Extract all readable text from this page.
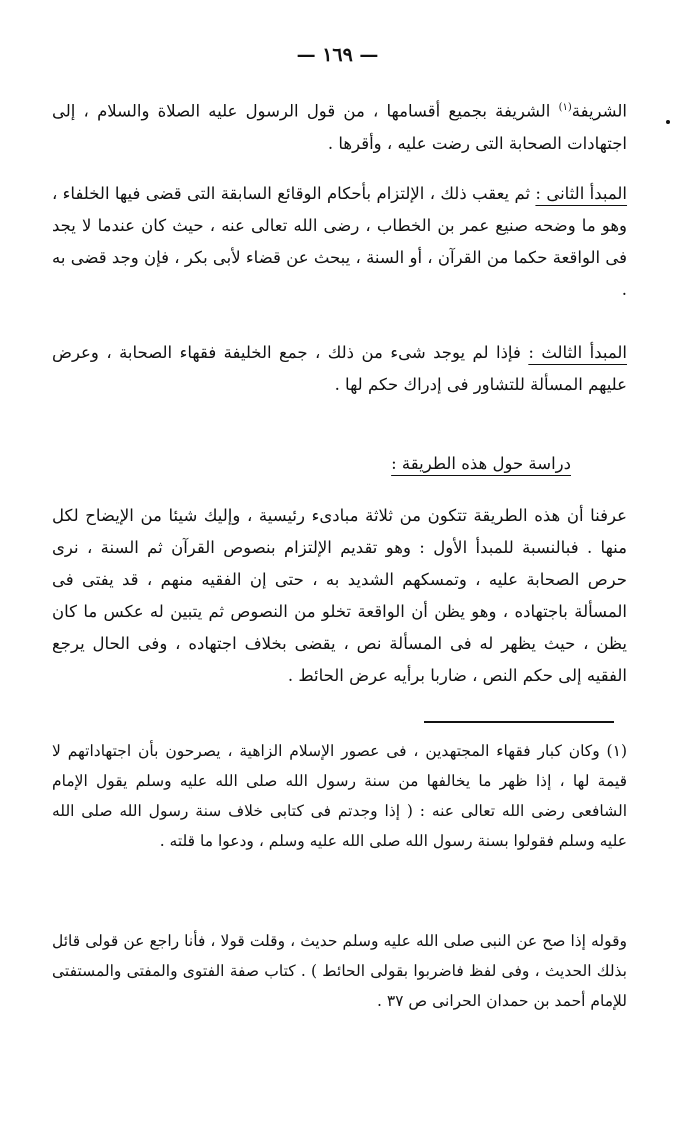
— ١٦٩ —

الشريفة$^{(١)}$ الشريفة بجميع أقسامها ، من قول الرسول عليه الصلاة والسلام ، إلى اجتهادات الصحابة التى رضت عليه ، وأقرها .

المبدأ الثانى : ثم يعقب ذلك ، الإلتزام بأحكام الوقائع السابقة التى قضى فيها الخلفاء ، وهو ما وضحه صنيع عمر بن الخطاب ، رضى الله تعالى عنه ، حيث كان عندما لا يجد فى الواقعة حكما من القرآن ، أو السنة ، يبحث عن قضاء لأبى بكر ، فإن وجد قضى به .

المبدأ الثالث : فإذا لم يوجد شىء من ذلك ، جمع الخليفة فقهاء الصحابة ، وعرض عليهم المسألة للتشاور فى إدراك حكم لها .

دراسة حول هذه الطريقة :

عرفنا أن هذه الطريقة تتكون من ثلاثة مبادىء رئيسية ، وإليك شيئا من الإيضاح لكل منها . فبالنسبة للمبدأ الأول : وهو تقديم الإلتزام بنصوص القرآن ثم السنة ، نرى حرص الصحابة عليه ، وتمسكهم الشديد به ، حتى إن الفقيه منهم ، قد يفتى فى المسألة باجتهاده ، وهو يظن أن الواقعة تخلو من النصوص ثم يتبين له عكس ما كان يظن ، حيث يظهر له فى المسألة نص ، يقضى بخلاف اجتهاده ، وفى الحال يرجع الفقيه إلى حكم النص ، ضاربا برأيه عرض الحائط .

(١) وكان كبار فقهاء المجتهدين ، فى عصور الإسلام الزاهية ، يصرحون بأن اجتهاداتهم لا قيمة لها ، إذا ظهر ما يخالفها من سنة رسول الله صلى الله عليه وسلم يقول الإمام الشافعى رضى الله تعالى عنه : ( إذا وجدتم فى كتابى خلاف سنة رسول الله صلى الله عليه وسلم فقولوا بسنة رسول الله صلى الله عليه وسلم ، ودعوا ما قلته .

وقوله إذا صح عن النبى صلى الله عليه وسلم حديث ، وقلت قولا ، فأنا راجع عن قولى قائل بذلك الحديث ، وفى لفظ فاضربوا بقولى الحائط ) . كتاب صفة الفتوى والمفتى والمستفتى للإمام أحمد بن حمدان الحرانى ص ٣٧ .
